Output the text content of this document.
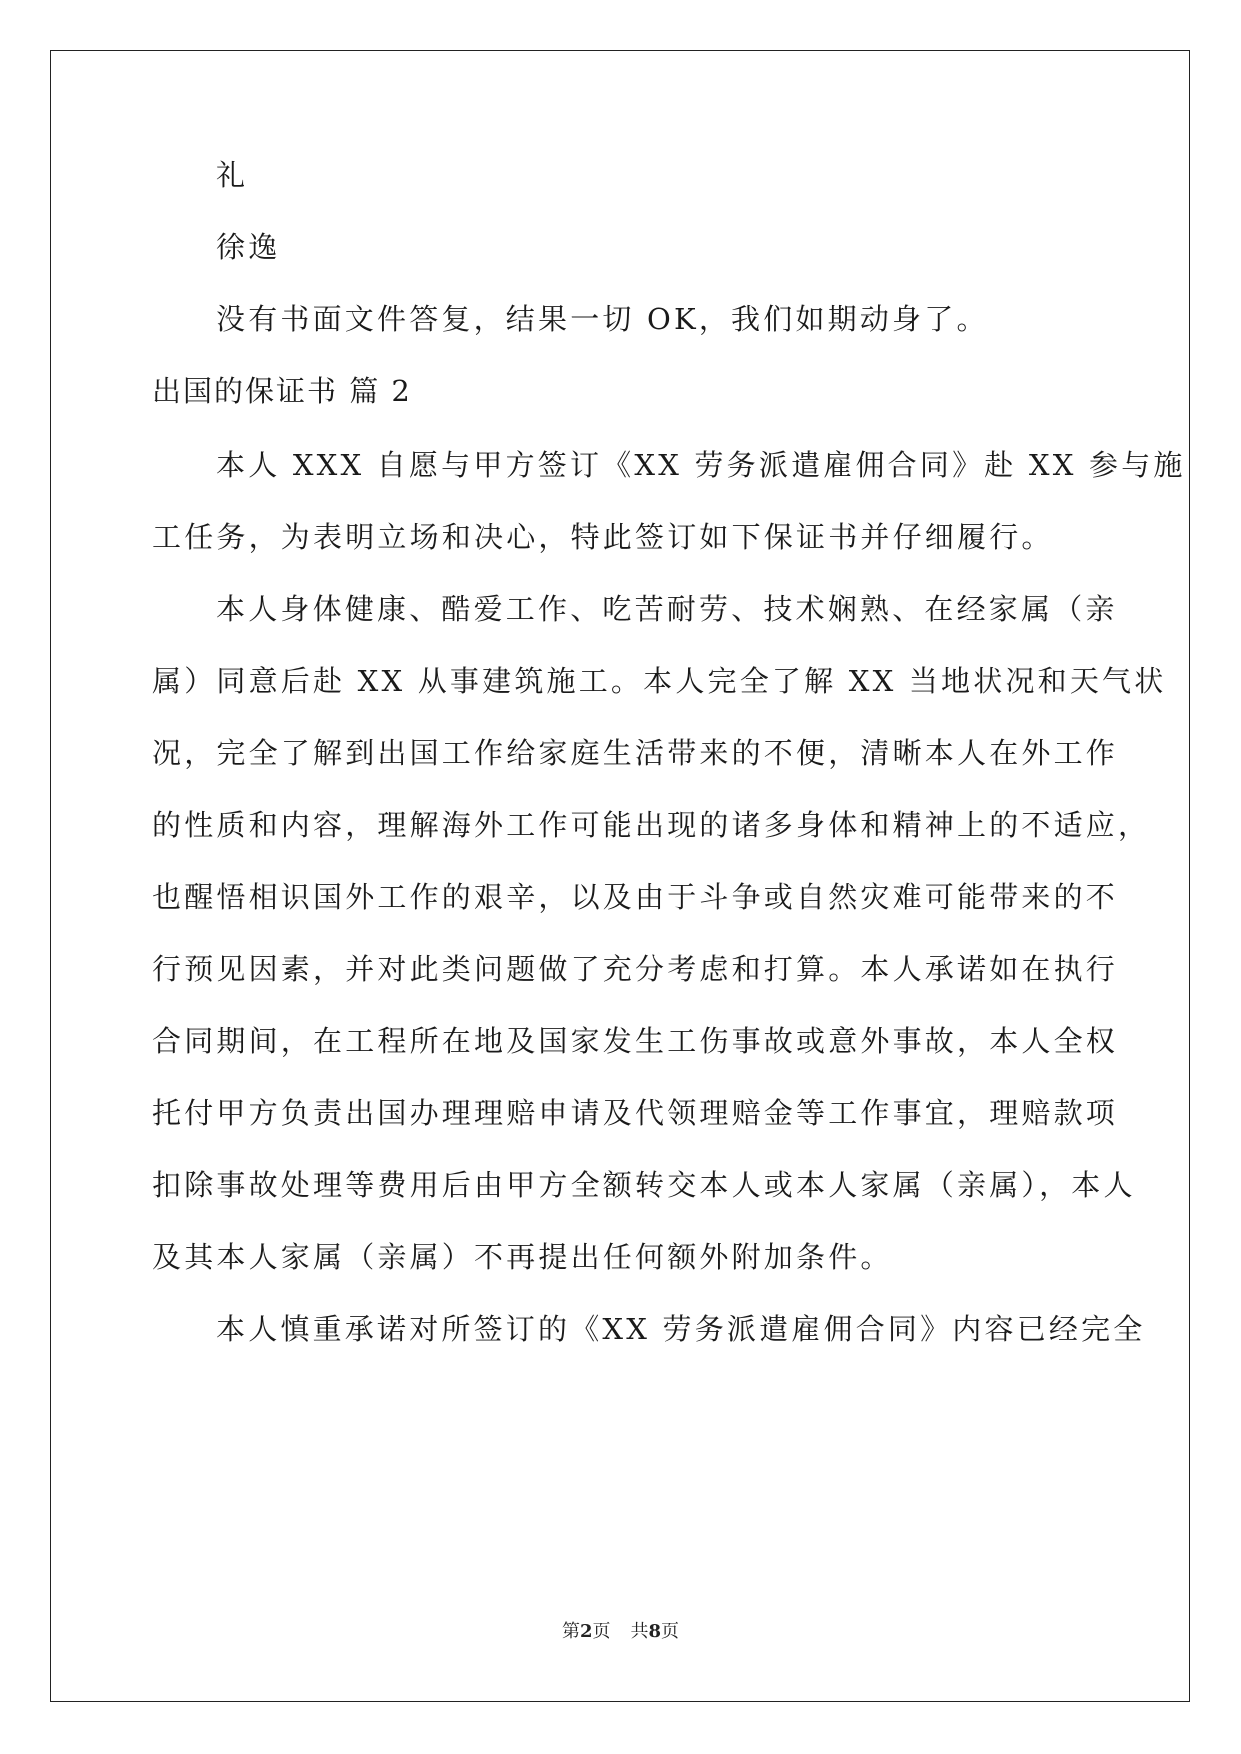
礼
徐逸
没有书面文件答复，结果一切 OK，我们如期动身了。
出国的保证书 篇 2
本人 XXX 自愿与甲方签订《XX 劳务派遣雇佣合同》赴 XX 参与施
工任务，为表明立场和决心，特此签订如下保证书并仔细履行。
本人身体健康、酷爱工作、吃苦耐劳、技术娴熟、在经家属（亲
属）同意后赴 XX 从事建筑施工。本人完全了解 XX 当地状况和天气状
况，完全了解到出国工作给家庭生活带来的不便，清晰本人在外工作
的性质和内容，理解海外工作可能出现的诸多身体和精神上的不适应，
也醒悟相识国外工作的艰辛，以及由于斗争或自然灾难可能带来的不
行预见因素，并对此类问题做了充分考虑和打算。本人承诺如在执行
合同期间，在工程所在地及国家发生工伤事故或意外事故，本人全权
托付甲方负责出国办理理赔申请及代领理赔金等工作事宜，理赔款项
扣除事故处理等费用后由甲方全额转交本人或本人家属（亲属），本人
及其本人家属（亲属）不再提出任何额外附加条件。
本人慎重承诺对所签订的《XX 劳务派遣雇佣合同》内容已经完全
第2页 共8页
